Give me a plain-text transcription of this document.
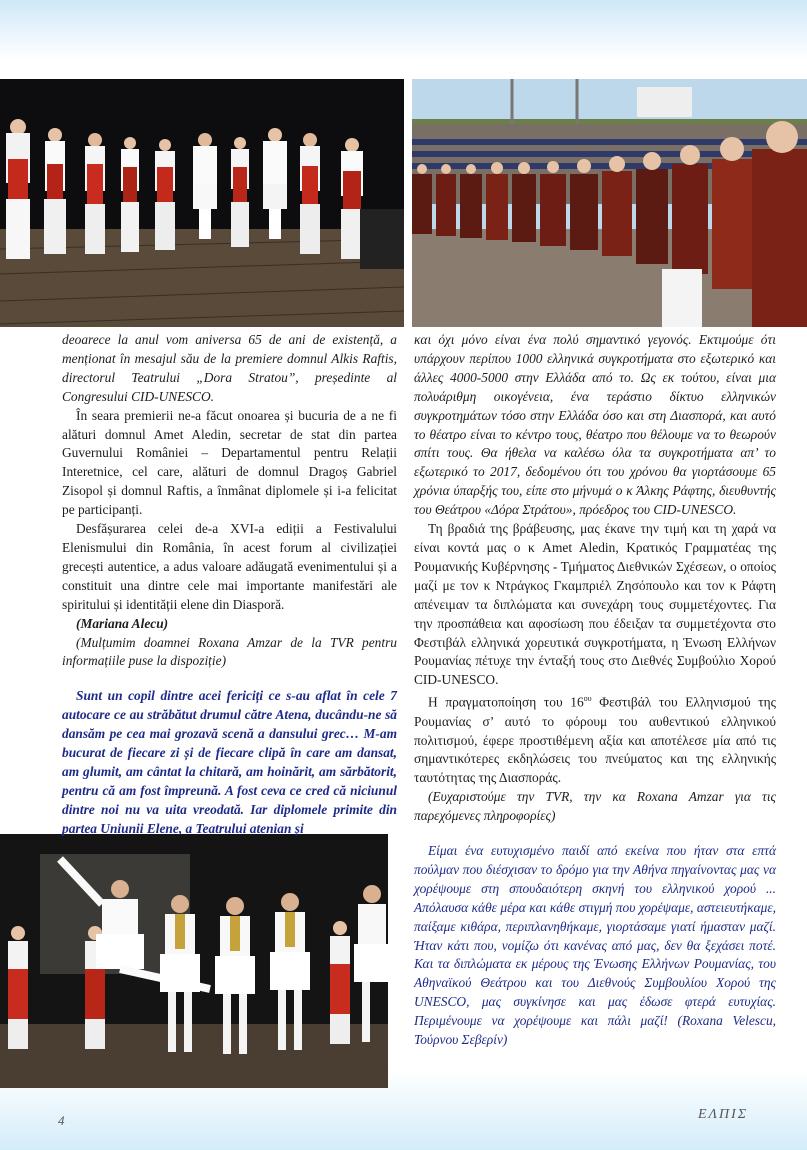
deoarece la anul vom aniversa 65 de ani de existență, a menționat în mesajul său de la premiere domnul Alkis Raftis, directorul Teatrului „Dora Stratou”, președinte al Congresului CID-UNESCO.

În seara premierii ne-a făcut onoarea și bucuria de a ne fi alături domnul Amet Aledin, secretar de stat din partea Guvernului României – Departamentul pentru Relații Interetnice, cel care, alături de domnul Dragoș Gabriel Zisopol și domnul Raftis, a înmânat diplomele și i-a felicitat pe participanți.

Desfășurarea celei de-a XVI-a ediții a Festivalului Elenismului din România, în acest forum al civilizației grecești autentice, a adus valoare adăugată evenimentului și a constituit una dintre cele mai importante manifestări ale spiritului și identității elene din Diasporă.

(Mariana Alecu)

(Mulțumim doamnei Roxana Amzar de la TVR pentru informațiile puse la dispoziție)

Sunt un copil dintre acei fericiți ce s-au aflat în cele 7 autocare ce au străbătut drumul către Atena, ducându-ne să dansăm pe cea mai grozavă scenă a dansului grec… M-am bucurat de fiecare zi și de fiecare clipă în care am dansat, am glumit, am cântat la chitară, am hoinărit, am sărbătorit, pentru că am fost împreună. A fost ceva ce cred că niciunul dintre noi nu va uita vreodată. Iar diplomele primite din partea Uniunii Elene, a Teatrului atenian și

και όχι μόνο είναι ένα πολύ σημαντικό γεγονός. Εκτιμούμε ότι υπάρχουν περίπου 1000 ελληνικά συγκροτήματα στο εξωτερικό και άλλες 4000-5000 στην Ελλάδα από το. Ως εκ τούτου, είναι μια πολυάριθμη οικογένεια, ένα τεράστιο δίκτυο ελληνικών συγκροτημάτων τόσο στην Ελλάδα όσο και στη Διασπορά, και αυτό το θέατρο είναι το κέντρο τους, θέατρο που θέλουμε να το θεωρούν σπίτι τους. Θα ήθελα να καλέσω όλα τα συγκροτήματα απ’ το εξωτερικό το 2017, δεδομένου ότι του χρόνου θα γιορτάσουμε 65 χρόνια ύπαρξής του, είπε στο μήνυμά ο κ Άλκης Ράφτης, διευθυντής του Θεάτρου «Δόρα Στράτου», πρόεδρος του CID-UNESCO.

Τη βραδιά της βράβευσης, μας έκανε την τιμή και τη χαρά να είναι κοντά μας ο κ Amet Aledin, Κρατικός Γραμματέας της Ρουμανικής Κυβέρνησης - Τμήματος Διεθνικών Σχέσεων, ο οποίος μαζί με τον κ Ντράγκος Γκαμπριέλ Ζησόπουλο και τον κ Ράφτη απένειμαν τα διπλώματα και συνεχάρη τους συμμετέχοντες. Για την προσπάθεια και αφοσίωση που έδειξαν τα συμμετέχοντα στο Φεστιβάλ ελληνικά χορευτικά συγκροτήματα, η Ένωση Ελλήνων Ρουμανίας πέτυχε την ένταξή τους στο Διεθνές Συμβούλιο Χορού CID-UNESCO.

Η πραγματοποίηση του $16^{o\upsilon}$ Φεστιβάλ του Ελληνισμού της Ρουμανίας σ’ αυτό το φόρουμ του αυθεντικού ελληνικού πολιτισμού, έφερε προστιθέμενη αξία και αποτέλεσε μία από τις σημαντικότερες εκδηλώσεις του πνεύματος και της ελληνικής ταυτότητας της Διασποράς.

(Ευχαριστούμε την TVR, την κα Roxana Amzar για τις παρεχόμενες πληροφορίες)

Είμαι ένα ευτυχισμένο παιδί από εκείνα που ήταν στα επτά πούλμαν που διέσχισαν το δρόμο για την Αθήνα πηγαίνοντας μας να χορέψουμε στη σπουδαιότερη σκηνή του ελληνικού χορού ... Απόλαυσα κάθε μέρα και κάθε στιγμή που χορέψαμε, αστειευτήκαμε, παίξαμε κιθάρα, περιπλανηθήκαμε, γιορτάσαμε γιατί ήμασταν μαζί. Ήταν κάτι που, νομίζω ότι κανένας από μας, δεν θα ξεχάσει ποτέ. Και τα διπλώματα εκ μέρους της Ένωσης Ελλήνων Ρουμανίας, του Αθηναϊκού Θεάτρου και του Διεθνούς Συμβουλίου Χορού της UNESCO, μας συγκίνησε και μας έδωσε φτερά ευτυχίας. Περιμένουμε να χορέψουμε και πάλι μαζί! (Roxana Velescu, Τούρνου Σεβερίν)

4	ΕΛΠΙΣ
